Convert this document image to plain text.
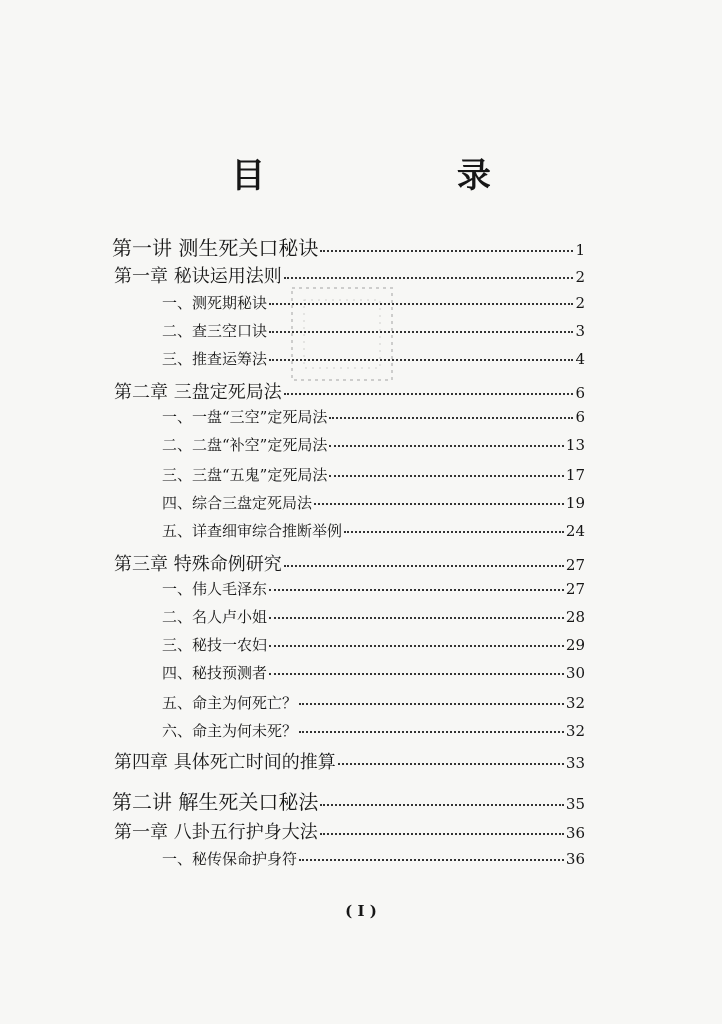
目 录
第一讲 测生死关口秘诀	1
第一章 秘诀运用法则	2
一、测死期秘诀	2
二、查三空口诀	3
三、推查运筹法	4
第二章 三盘定死局法	6
一、一盘“三空”定死局法	6
二、二盘“补空”定死局法	13
三、三盘“五鬼”定死局法	17
四、综合三盘定死局法	19
五、详查细审综合推断举例	24
第三章 特殊命例研究	27
一、伟人毛泽东	27
二、名人卢小姐	28
三、秘技一农妇	29
四、秘技预测者	30
五、命主为何死亡？	32
六、命主为何未死？	32
第四章 具体死亡时间的推算	33
第二讲 解生死关口秘法	35
第一章 八卦五行护身大法	36
一、秘传保命护身符	36
( I )
